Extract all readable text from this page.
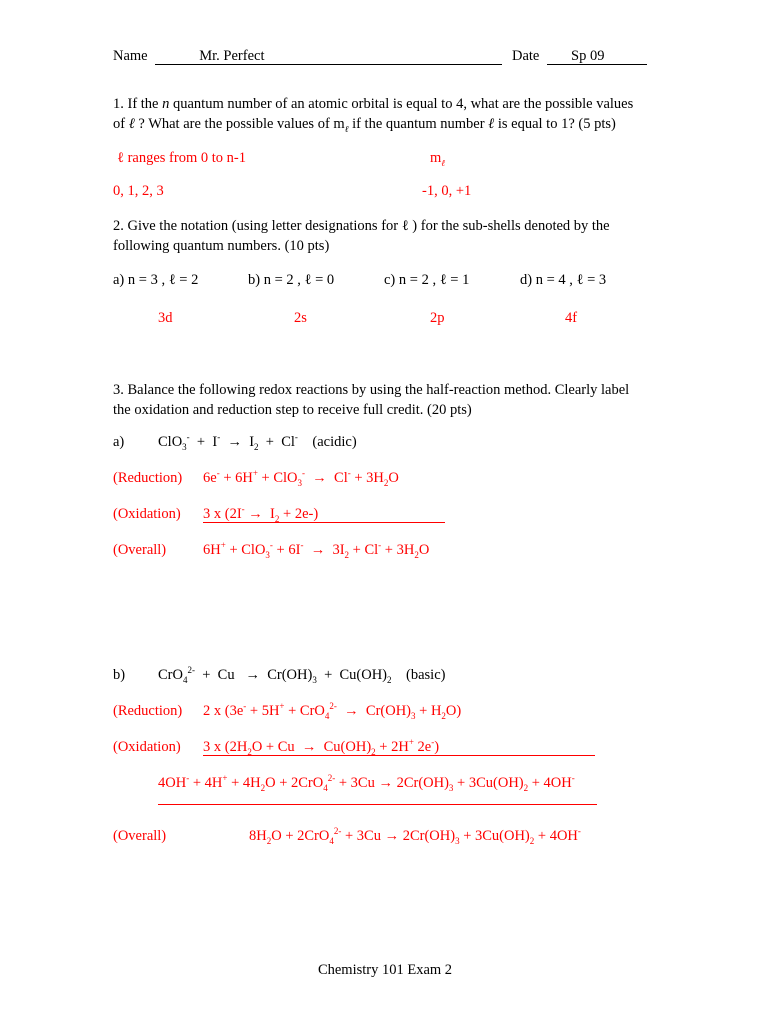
Name	Mr. Perfect	Date Sp 09
1. If the n quantum number of an atomic orbital is equal to 4, what are the possible values of ℓ ? What are the possible values of $m_\ell$ if the quantum number ℓ is equal to 1? (5 pts)
ℓ ranges from 0 to n-1
0, 1, 2, 3
$m_\ell$
-1, 0, +1
2. Give the notation (using letter designations for ℓ ) for the sub-shells denoted by the following quantum numbers. (10 pts)
a) n = 3 , ℓ = 2	b) n = 2 , ℓ = 0	c) n = 2 , ℓ = 1	d) n = 4 , ℓ = 3
3d	2s	2p	4f
3. Balance the following redox reactions by using the half-reaction method. Clearly label the oxidation and reduction step to receive full credit. (20 pts)
a) $ClO_3^- + I^- \to I_2 + Cl^-$ (acidic)
(Reduction) $6e^- + 6H^+ + ClO_3^- \to Cl^- + 3H_2O$
(Oxidation) 3 x $(2I^- \to I_2 + 2e-)$
(Overall)	$6H^+ + ClO_3^- + 6I^- \to 3I_2 + Cl^- + 3H_2O$
b) $CrO_4^{2-} + Cu \to Cr(OH)_3 + Cu(OH)_2$ (basic)
(Reduction) 2 x $(3e^- + 5H^+ + CrO_4^{2-} \to Cr(OH)_3 + H_2O)$
(Oxidation) 3 x ($2H_2O + Cu \to Cu(OH)_2 + 2H^+$ 2e-)
$4OH^- + 4H^+ + 4H_2O + 2CrO_4^{2-} + 3Cu \to 2Cr(OH)_3 + 3Cu(OH)_2 + 4OH^-$
(Overall)	$8H_2O + 2CrO_4^{2-} + 3Cu \to 2Cr(OH)_3 + 3Cu(OH)_2 + 4OH^-$
Chemistry 101 Exam 2
